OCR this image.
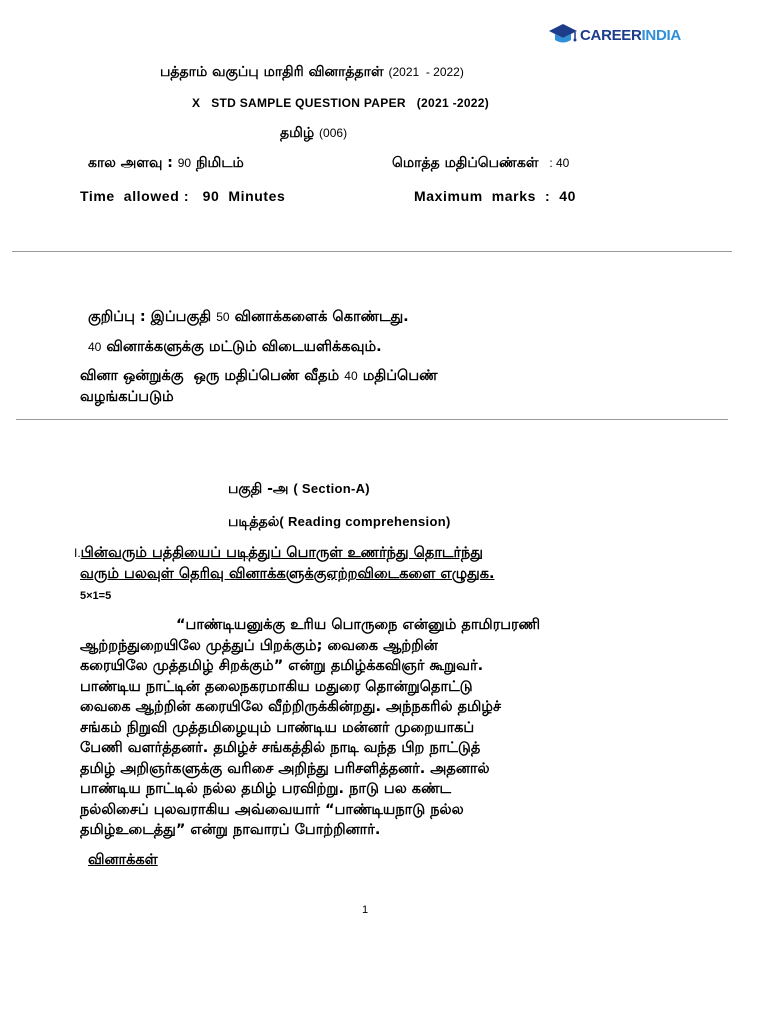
CAREERINDIA
பத்தாம் வகுப்பு மாதிரி வினாத்தாள் (2021  - 2022)
X   STD SAMPLE QUESTION PAPER   (2021 -2022)
தமிழ் (006)
கால அளவு : 90 நிமிடம்	மொத்த மதிப்பெண்கள் : 40
Time  allowed :   90  Minutes	Maximum  marks  :  40
குறிப்பு : இப்பகுதி 50 வினாக்களைக் கொண்டது.
40 வினாக்களுக்கு மட்டும் விடையளிக்கவும்.
வினா ஒன்றுக்கு  ஒரு மதிப்பெண் வீதம் 40 மதிப்பெண்
வழங்கப்படும்
பகுதி -அ ( Section-A)
படித்தல்( Reading comprehension)
I.பின்வரும் பத்தியைப் படித்துப் பொருள் உணர்ந்து தொடர்ந்து
வரும் பலவுள் தெரிவு வினாக்களுக்குஏற்றவிடைகளை எழுதுக.
5×1=5
“பாண்டியனுக்கு உரிய பொருநை என்னும் தாமிரபரணி
ஆற்றந்துறையிலே முத்துப் பிறக்கும்; வைகை ஆற்றின்
கரையிலே முத்தமிழ் சிறக்கும்” என்று தமிழ்க்கவிஞர் கூறுவர்.
பாண்டிய நாட்டின் தலைநகரமாகிய மதுரை தொன்றுதொட்டு
வைகை ஆற்றின் கரையிலே வீற்றிருக்கின்றது. அந்நகரில் தமிழ்ச்
சங்கம் நிறுவி முத்தமிழையும் பாண்டிய மன்னர் முறையாகப்
பேணி வளர்த்தனர். தமிழ்ச் சங்கத்தில் நாடி வந்த பிற நாட்டுத்
தமிழ் அறிஞர்களுக்கு வரிசை அறிந்து பரிசளித்தனர். அதனால்
பாண்டிய நாட்டில் நல்ல தமிழ் பரவிற்று. நாடு பல கண்ட
நல்லிசைப் புலவராகிய அவ்வையார் “பாண்டியநாடு நல்ல
தமிழ்உடைத்து” என்று நாவாரப் போற்றினார்.
வினாக்கள்
1
